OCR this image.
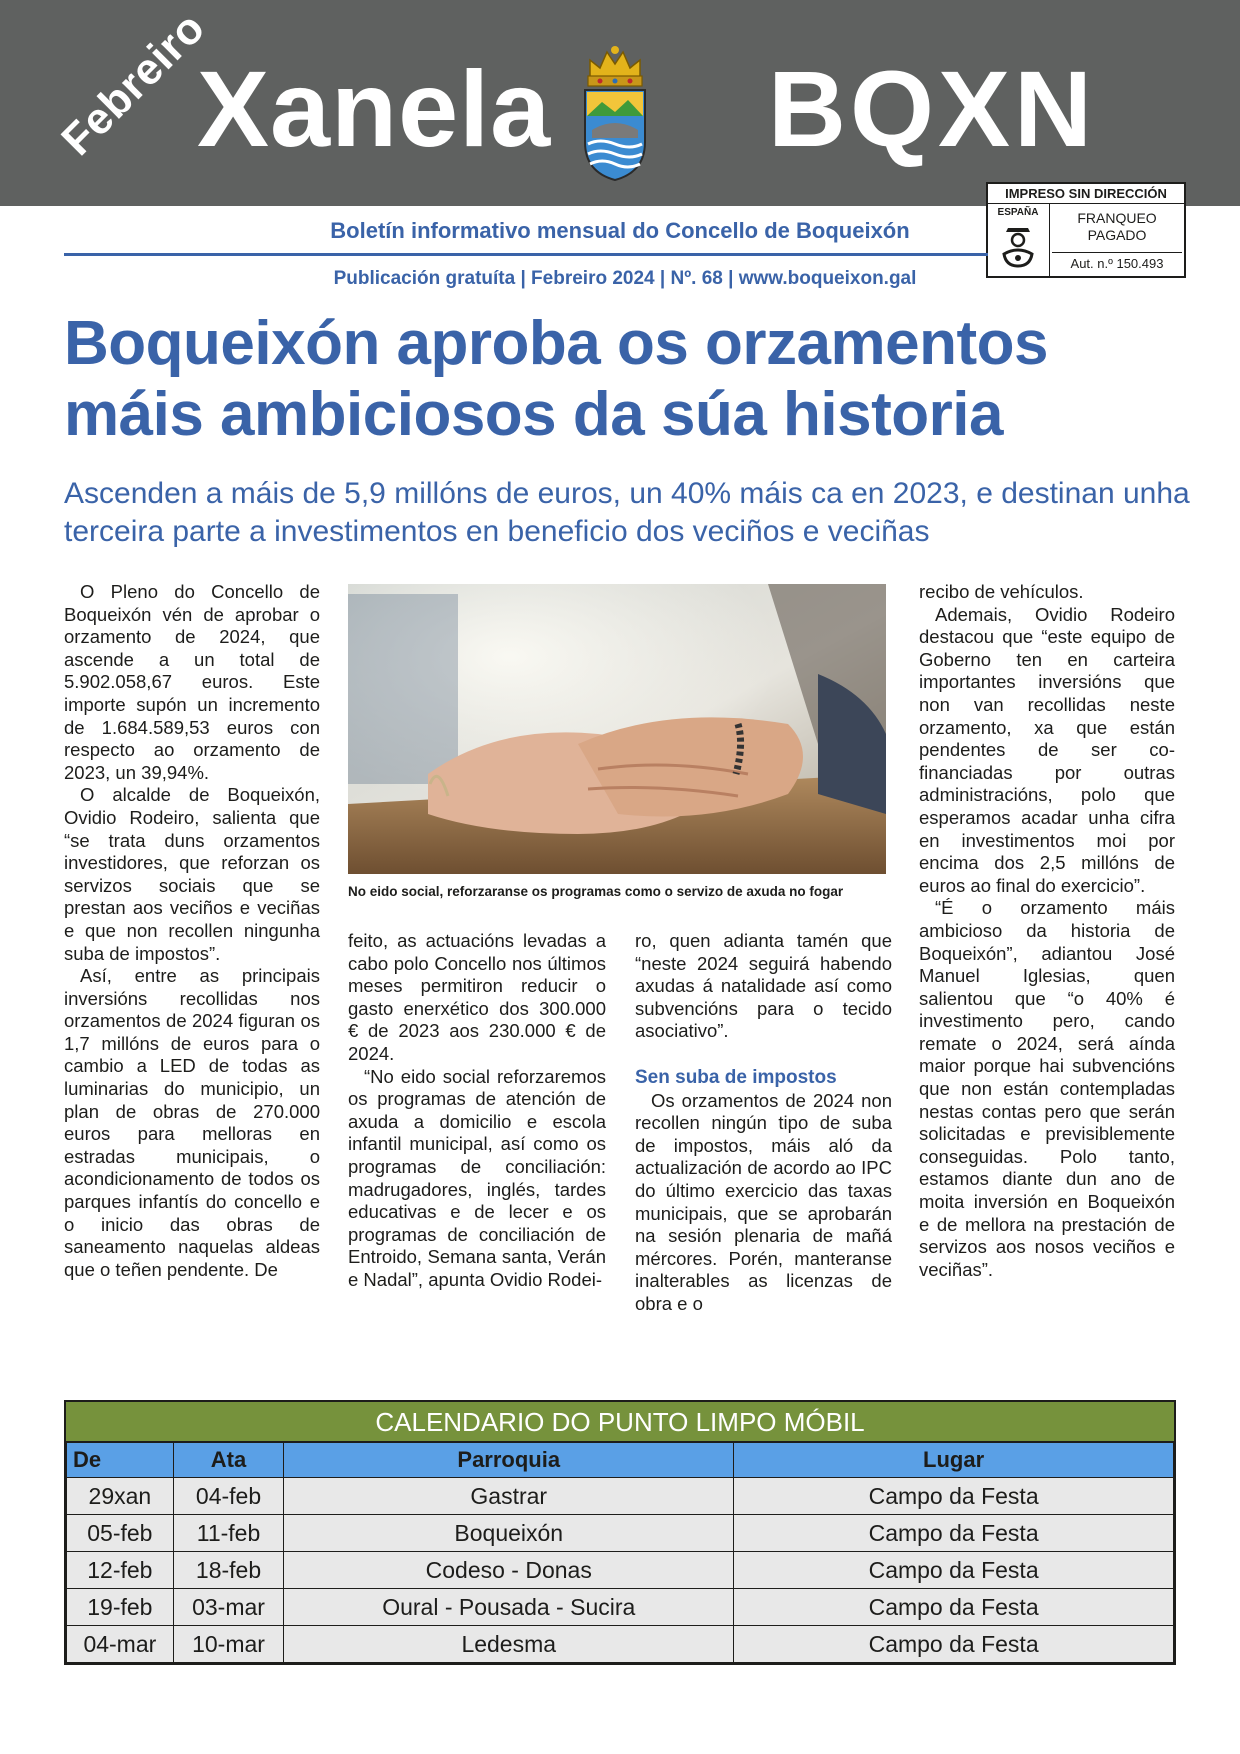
Febreiro
Xanela BQXN
IMPRESO SIN DIRECCIÓN
ESPAÑA	FRANQUEO
PAGADO
Aut. n.º 150.493
Boletín informativo mensual do Concello de Boqueixón
Publicación gratuíta | Febreiro 2024 | Nº. 68 | www.boqueixon.gal
Boqueixón aproba os orzamentos
máis ambiciosos da súa historia
Ascenden a máis de 5,9 millóns de euros, un 40% máis ca en 2023, e destinan unha terceira parte a investimentos en beneficio dos veciños e veciñas

O Pleno do Concello de Boqueixón vén de aprobar o orzamento de 2024, que ascende a un total de 5.902.058,67 euros. Este importe supón un incremento de 1.684.589,53 euros con respecto ao orzamento de 2023, un 39,94%.

O alcalde de Boqueixón, Ovidio Rodeiro, salienta que “se trata duns orzamentos investidores, que reforzan os servizos sociais que se prestan aos veciños e veciñas e que non recollen ningunha suba de impostos”.

Así, entre as principais inversións recollidas nos orzamentos de 2024 figuran os 1,7 millóns de euros para o cambio a LED de todas as luminarias do municipio, un plan de obras de 270.000 euros para melloras en estradas municipais, o acondicionamento de todos os parques infantís do concello e o inicio das obras de saneamento naquelas aldeas que o teñen pendente. De

No eido social, reforzaranse os programas como o servizo de axuda no fogar

feito, as actuacións levadas a cabo polo Concello nos últimos meses permitiron reducir o gasto enerxético dos 300.000 € de 2023 aos 230.000 € de 2024.

“No eido social reforzaremos os programas de atención de axuda a domicilio e escola infantil municipal, así como os programas de conciliación: madrugadores, inglés, tardes educativas e de lecer e os programas de conciliación de Entroido, Semana santa, Verán e Nadal”, apunta Ovidio Rodei-

ro, quen adianta tamén que “neste 2024 seguirá habendo axudas á natalidade así como subvencións para o tecido asociativo”.

Sen suba de impostos

Os orzamentos de 2024 non recollen ningún tipo de suba de impostos, máis aló da actualización de acordo ao IPC do último exercicio das taxas municipais, que se aprobarán na sesión plenaria de mañá mércores. Porén, manteranse inalterables as licenzas de obra e o

recibo de vehículos.

Ademais, Ovidio Rodeiro destacou que “este equipo de Goberno ten en carteira importantes inversións que non van recollidas neste orzamento, xa que están pendentes de ser co-financiadas por outras administracións, polo que esperamos acadar unha cifra en investimentos moi por encima dos 2,5 millóns de euros ao final do exercicio”.

“É o orzamento máis ambicioso da historia de Boqueixón”, adiantou José Manuel Iglesias, quen salientou que “o 40% é investimento pero, cando remate o 2024, será aínda maior porque hai subvencións que non están contempladas nestas contas pero que serán solicitadas e previsiblemente conseguidas. Polo tanto, estamos diante dun ano de moita inversión en Boqueixón e de mellora na prestación de servizos aos nosos veciños e veciñas”.

CALENDARIO DO PUNTO LIMPO MÓBIL
De	Ata	Parroquia	Lugar
29xan	04-feb	Gastrar	Campo da Festa
05-feb	11-feb	Boqueixón	Campo da Festa
12-feb	18-feb	Codeso - Donas	Campo da Festa
19-feb	03-mar	Oural - Pousada - Sucira	Campo da Festa
04-mar	10-mar	Ledesma	Campo da Festa
